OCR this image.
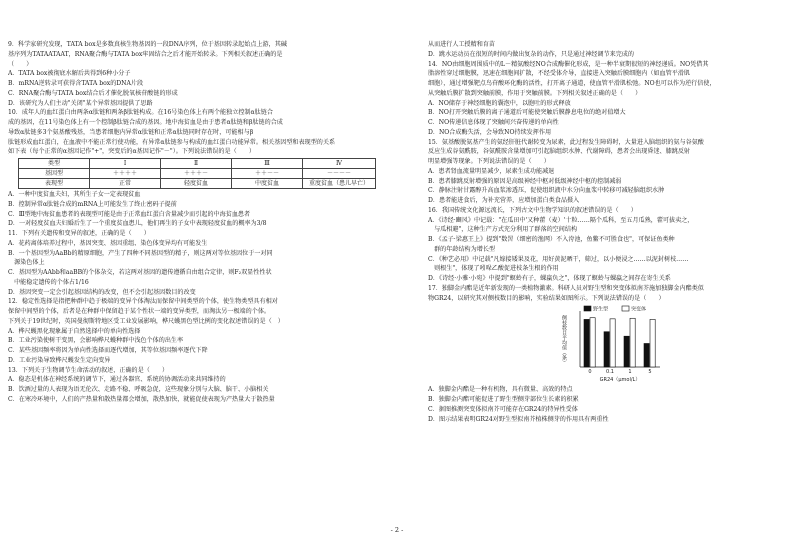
9．科学家研究发现，TATA box是多数真核生物基因的一段DNA序列，位于基因转录起始点上游，其碱
基序列为TATAATAAT，RNA聚合酶与TATA box牢固结合之后才能开始转录。下列相关叙述正确的是
（　　）
A．TATA box被彻底水解后共得到6种小分子
B．mRNA逆转录可获得含TATA box的DNA片段
C．RNA聚合酶与TATA box结合后才催化脱氧核苷酸链的形成
D．该研究为人们主动"关闭"某个异常基因提供了思路
10．成年人的血红蛋白由两条α肽链和两条β肽链构成。在16号染色体上有两个能独立控制α肽链合
成的基因，在11号染色体上有一个控制β肽链合成的基因。地中海贫血是由于患者α肽链和β肽链的合成
导致α肽链多3个氨基酸残基，当患者细胞内异常α肽链和正常α肽链同时存在时，可能相与β
肽链形成血红蛋白，在血液中不能正常行使功能，有异常α肽链参与构成的血红蛋白功能异常。相关基因型和表现型的关系
如下表（每个正常的α基因记作"+"，突变后的α基因记作"－"）。下列说法错误的是（　　）
类型	Ⅰ	Ⅱ	Ⅲ	Ⅳ
基因型	＋＋＋＋	＋＋＋－	＋＋－－	－－－－
表现型	正常	轻度贫血	中度贫血	重度贫血（患儿早亡）
A．一种中度贫血夫妇，其所生子女一定表现贫血
B．控制异常α肽链合成的mRNA上可能发生了终止密码子提前
C．Ⅲ型地中海贫血患者的表现型可能是由于正常血红蛋白含量减少而引起的中海贫血患者
D．一对轻度贫血夫妇婚后生了一个重度贫血患儿，他们再生的子女中表现轻度贫血的概率为3/8
11．下列有关遗传和变异的叙述，正确的是（　　）
A．花药离体培养过程中，基因突变、基因重组、染色体变异均有可能发生
B．一个基因型为AaBb的精原细胞，产生了四种不同基因型的精子，则这两对等位基因位于一对同
　源染色体上
C．基因型为AAbb和aaBB的个体杂交，若这两对基因的遗传遵循自由组合定律，则F₂双显性性状
　中能稳定遗传的个体占1/16
D．基因突变一定会引起基因结构的改变，但不会引起基因数目的改变
12．稳定性选择是指把种群中趋于极端的变异个体淘汰而保留中间类型的个体，使生物类型具有相对
保留中间型的个体，后者是在种群中保留趋于某个性状一端的变异类型，而淘汰另一极端的个体。
下列关于19世纪时，英国曼彻斯特地区受工业发展影响，桦尺蠖黑色型比例的变化叙述错误的是（　）
A．桦尺蠖黑化现象属于自然选择中的单向性选择
B．工业污染使树干变黑，会影响桦尺蠖种群中浅色个体的出生率
C．某些基因频率将因为单向性选择而逐代增加，其等位基因频率逐代下降
D．工业污染导致桦尺蠖发生定向变异
13．下列关于生物调节生命活动的叙述，正确的是（　　）
A．稳态是机体在神经系统的调节下，通过各器官、系统的协调活动来共同维持的
B．饮酒过量的人表现为语无伦次、走路不稳、呼吸急促，这些现象分别与大脑、脑干、小脑相关
C．在寒冷环境中，人们的产热量和散热量都会增加，散热加快，就能促使表现为产热量大于散热量
从而进行人工授精和育苗
D．跳水运动员在很短的时间内做出复杂的动作，只是通过神经调节来完成的
14．NO由细胞周围质中的L－精氨酸经NO合成酶催化形成，是一种半衰期很短的神经递质。NO凭借其
脂溶性穿过细胞膜，迅速在细胞间扩散，不经受体介导，直接进入突触后膜细胞内（如血管平滑肌
细胞），通过增强靶点鸟苷酸环化酶的活性，打开离子通道，使血管平滑肌松弛。NO也可以作为逆行信使，
从突触后膜扩散到突触前膜，作用于突触前膜。下列相关叙述正确的是（　　）
A．NO储存于神经细胞的囊泡中，以胞吐的形式释放
B．NO打开突触后膜的离子通道后可能使突触后膜静息电位的绝对值增大
C．NO传递信息体现了突触间兴奋传递的单向性
D．NO合成酶失活，会导致NO持续发挥作用
15．氨基酸脱氨基产生的氨经肝脏代谢转变为尿素，此过程发生障碍时，大量进入脑组织的氨与谷氨酸
反应生成谷氨酰胺，谷氨酰胺含量增加可引起脑组织水肿、代谢障碍，患者会出现昏迷、膝跳反射
明显增强等现象。下列说法错误的是（　　）
A．患者肾血流量明显减少，尿素生成功能减退
B．患者膝跳反射增强的原因是高级神经中枢对低级神经中枢的控制减弱
C．静脉注射甘露醇升高血浆渗透压，促使组织液中水分向血浆中转移可减轻脑组织水肿
D．患者能进食后，为补充营养，应增加蛋白类食品摄入
16．我国传统文化源远流长，下列古文中生物学知识的叙述错误的是（　　）
A．《诗经·豳风》中记载："在瓜田中'又种藿（麦）'十粒……隔个瓜科，至五月瓜熟，藿可拔卖之，
　与瓜相避"，这种生产方式充分利用了群落的空间结构
B．《孟子·梁惠王上》提到"数罟（细密的渔网）不入洿池，鱼鳖不可胜食也"，可保证鱼类种
　群的年龄结构为增长型
C．《种艺必用》中记载"凡嫁接矮果及花，用好黄泥晒干，筛过，以小便浸之……以泥封树枝……
　则根生"，体现了吲哚乙酸促进枝条生根的作用
D．《诗经·小雅·小宛》中提到"螟蛉有子，蜾蠃负之"，体现了螟蛉与蜾蠃之间存在寄生关系
17．独脚金内酯是近年新发现的一类植物激素。科研人员对野生型和突变体拟南芥施加独脚金内酯类似
物GR24，以研究其对侧枝数目的影响，实验结果如图所示。下列说法错误的是（　　）
侧枝数目平均值（条）
0	0.1	1	5
GR24（μmol/L）
野生型	突变体
A．独脚金内酯是一种有机物，具有微量、高效的特点
B．独脚金内酯可能促进了野生型侧芽部位生长素的积累
C．据图推测突变体拟南芥可能存在GR24的特异性受体
D．图示结果表明GR24对野生型拟南芥植株侧芽的作用具有两重性
- 2 -
